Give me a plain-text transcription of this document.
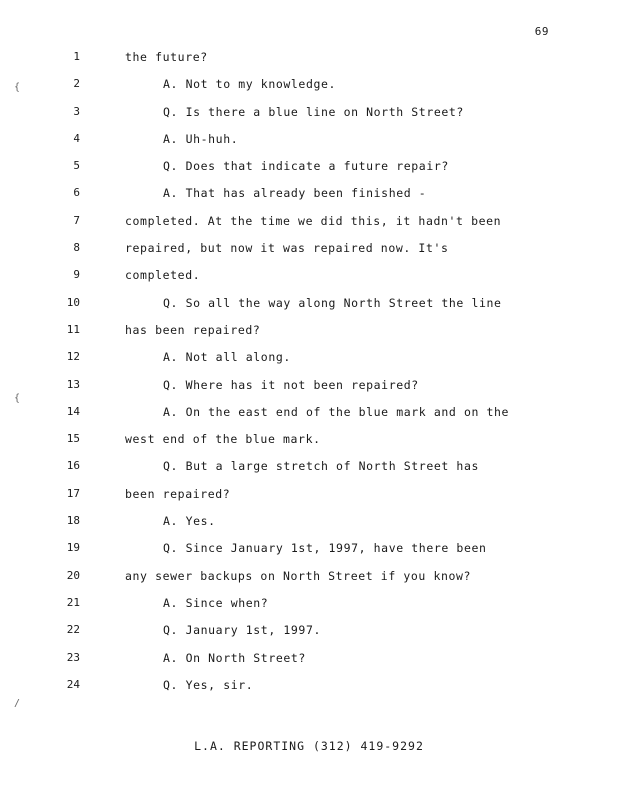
69
{
{
/
1	the future?
2	A. Not to my knowledge.
3	Q. Is there a blue line on North Street?
4	A. Uh-huh.
5	Q. Does that indicate a future repair?
6	A. That has already been finished -
7	completed. At the time we did this, it hadn't been
8	repaired, but now it was repaired now. It's
9	completed.
10	Q. So all the way along North Street the line
11	has been repaired?
12	A. Not all along.
13	Q. Where has it not been repaired?
14	A. On the east end of the blue mark and on the
15	west end of the blue mark.
16	Q. But a large stretch of North Street has
17	been repaired?
18	A. Yes.
19	Q. Since January 1st, 1997, have there been
20	any sewer backups on North Street if you know?
21	A. Since when?
22	Q. January 1st, 1997.
23	A. On North Street?
24	Q. Yes, sir.
L.A. REPORTING (312) 419-9292
